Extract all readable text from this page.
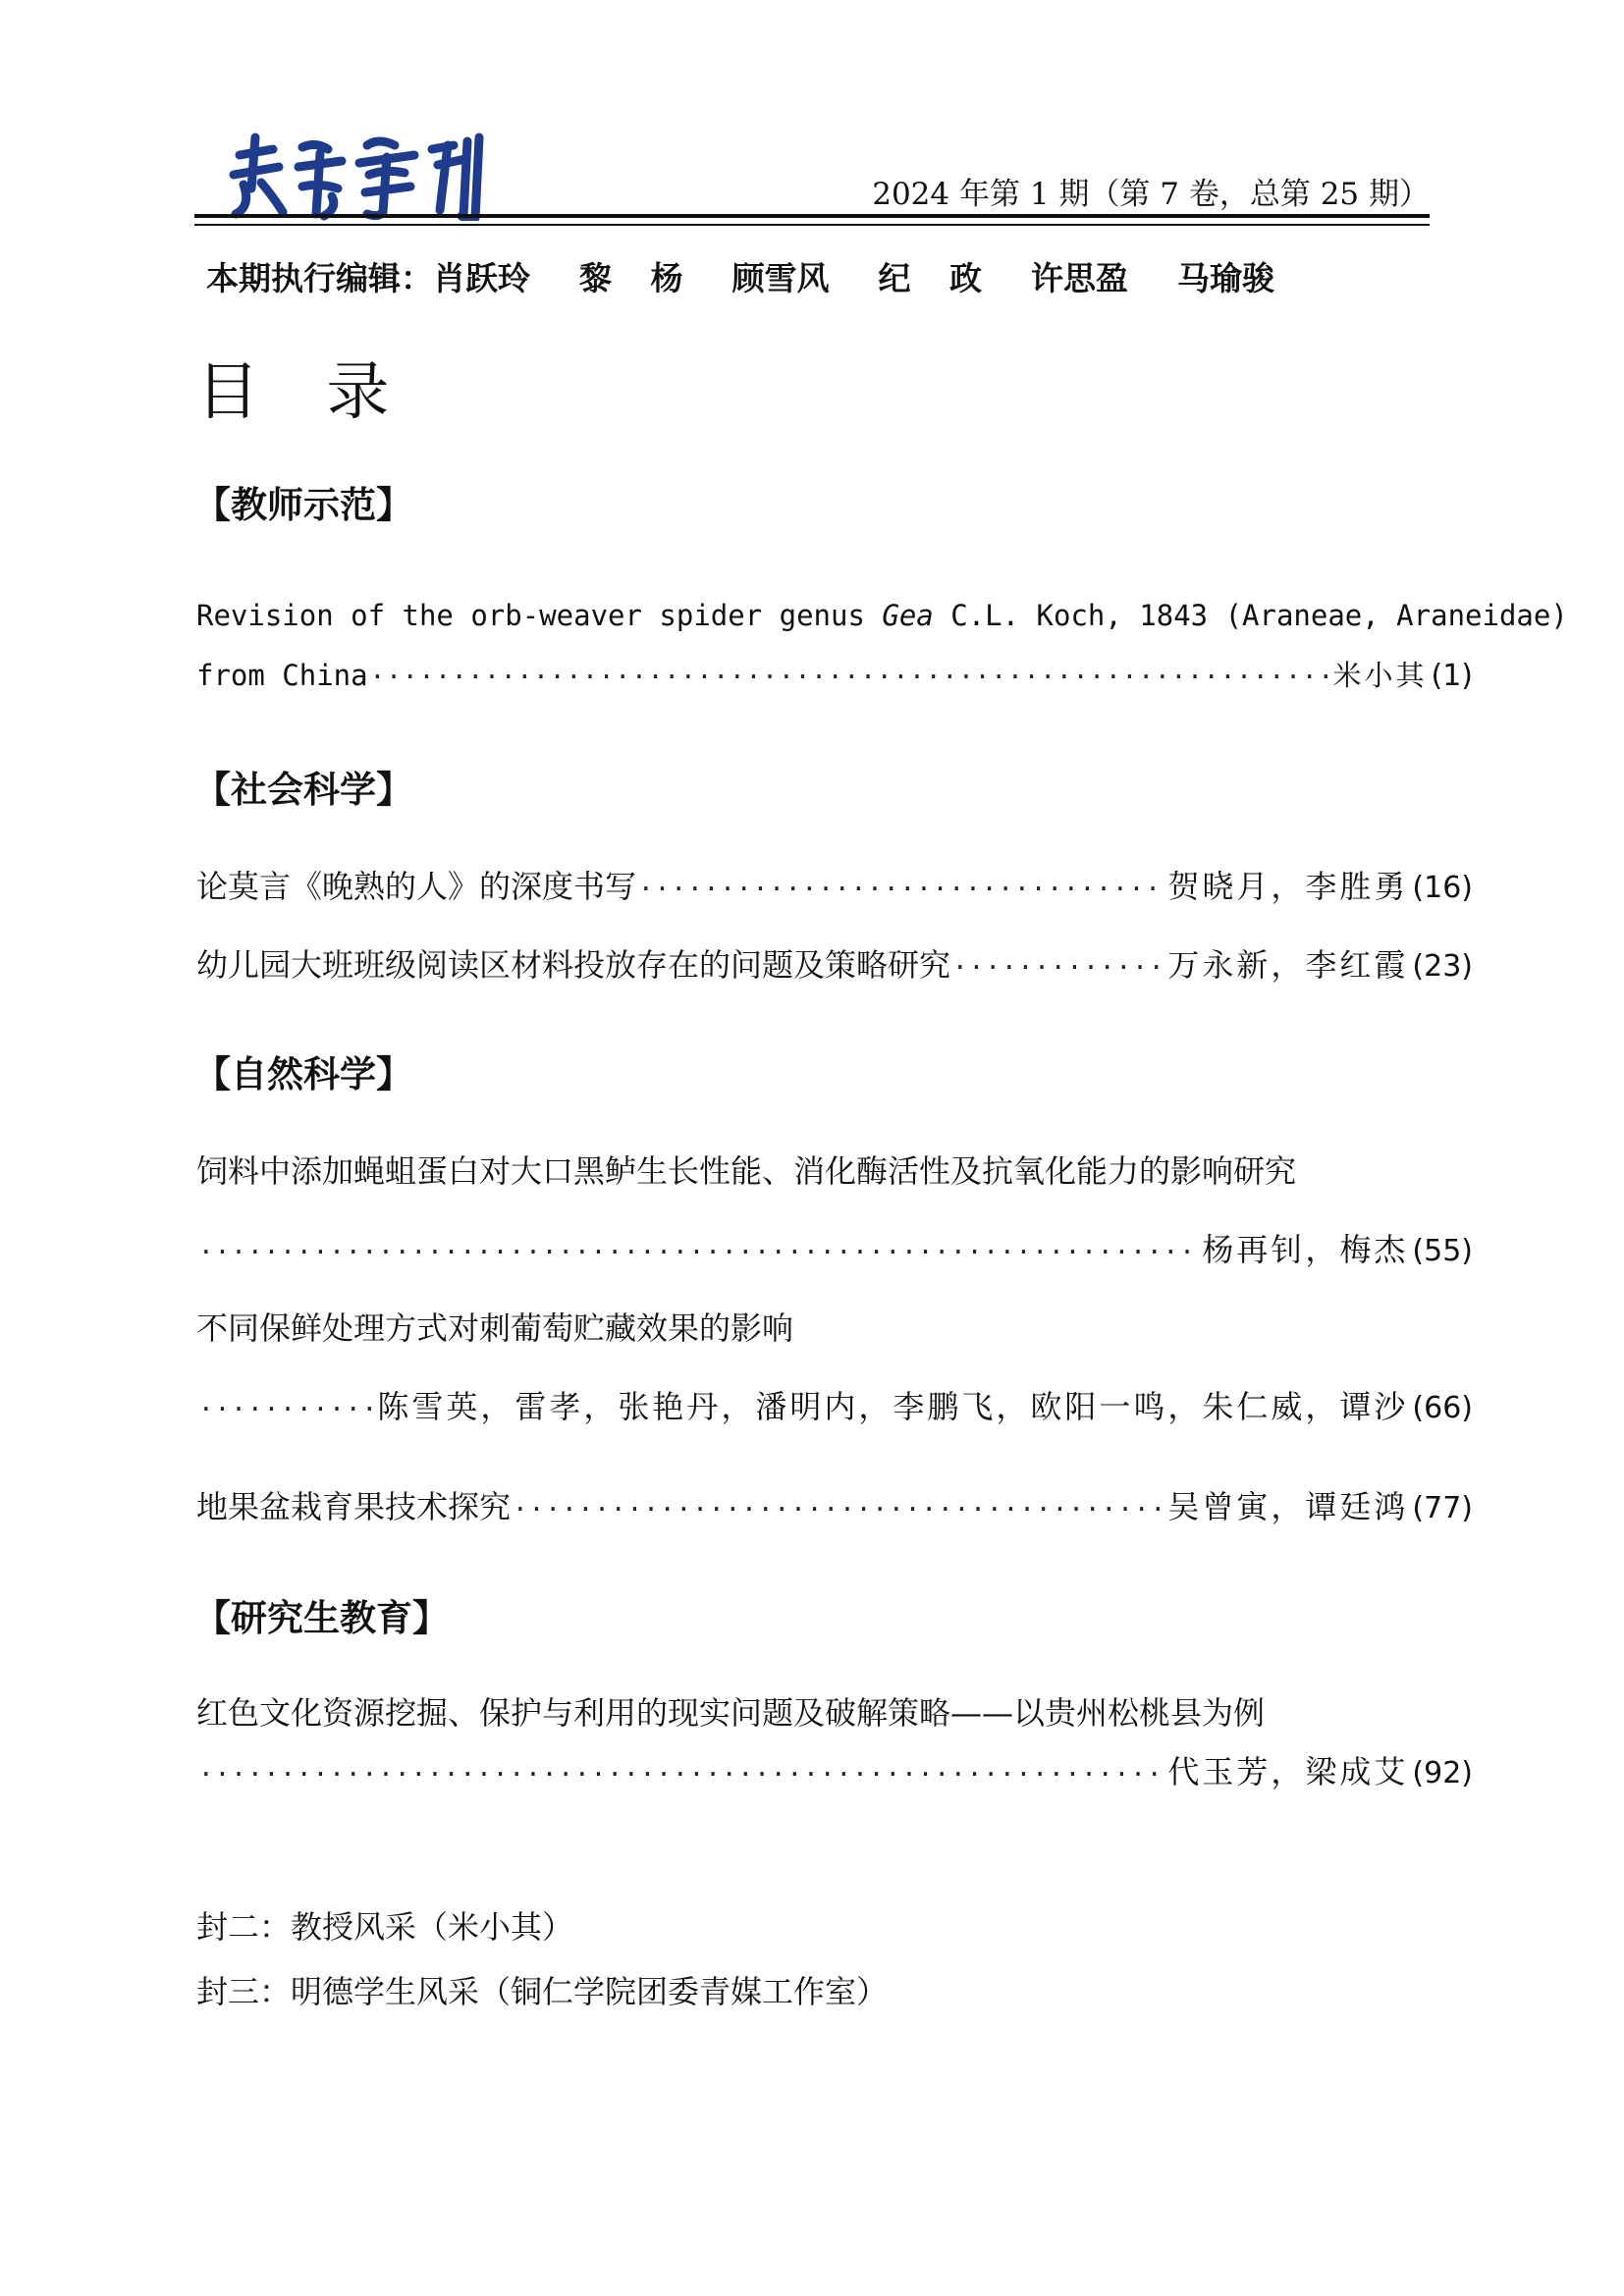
2024 年第 1 期（第 7 卷，总第 25 期）
本期执行编辑： 肖跃玲 黎 杨 顾雪风 纪 政 许思盈 马瑜骏
目 录
【教师示范】
Revision of the orb-weaver spider genus Gea C.L. Koch, 1843 (Araneae, Araneidae)
from China ·····	米小其 (1)
【社会科学】
论莫言《晚熟的人》的深度书写 ·····	贺晓月，李胜勇 (16)
幼儿园大班班级阅读区材料投放存在的问题及策略研究 ·····	万永新，李红霞 (23)
【自然科学】
饲料中添加蝇蛆蛋白对大口黑鲈生长性能、消化酶活性及抗氧化能力的影响研究
·····
杨再钊，梅杰 (55)
不同保鲜处理方式对刺葡萄贮藏效果的影响
·····
陈雪英，雷孝，张艳丹，潘明内，李鹏飞，欧阳一鸣，朱仁威，谭沙 (66)
地果盆栽育果技术探究 ·····	吴曾寅，谭廷鸿 (77)
【研究生教育】
红色文化资源挖掘、保护与利用的现实问题及破解策略——以贵州松桃县为例
·····
代玉芳，梁成艾 (92)
封二：教授风采（米小其）
封三：明德学生风采（铜仁学院团委青媒工作室）
